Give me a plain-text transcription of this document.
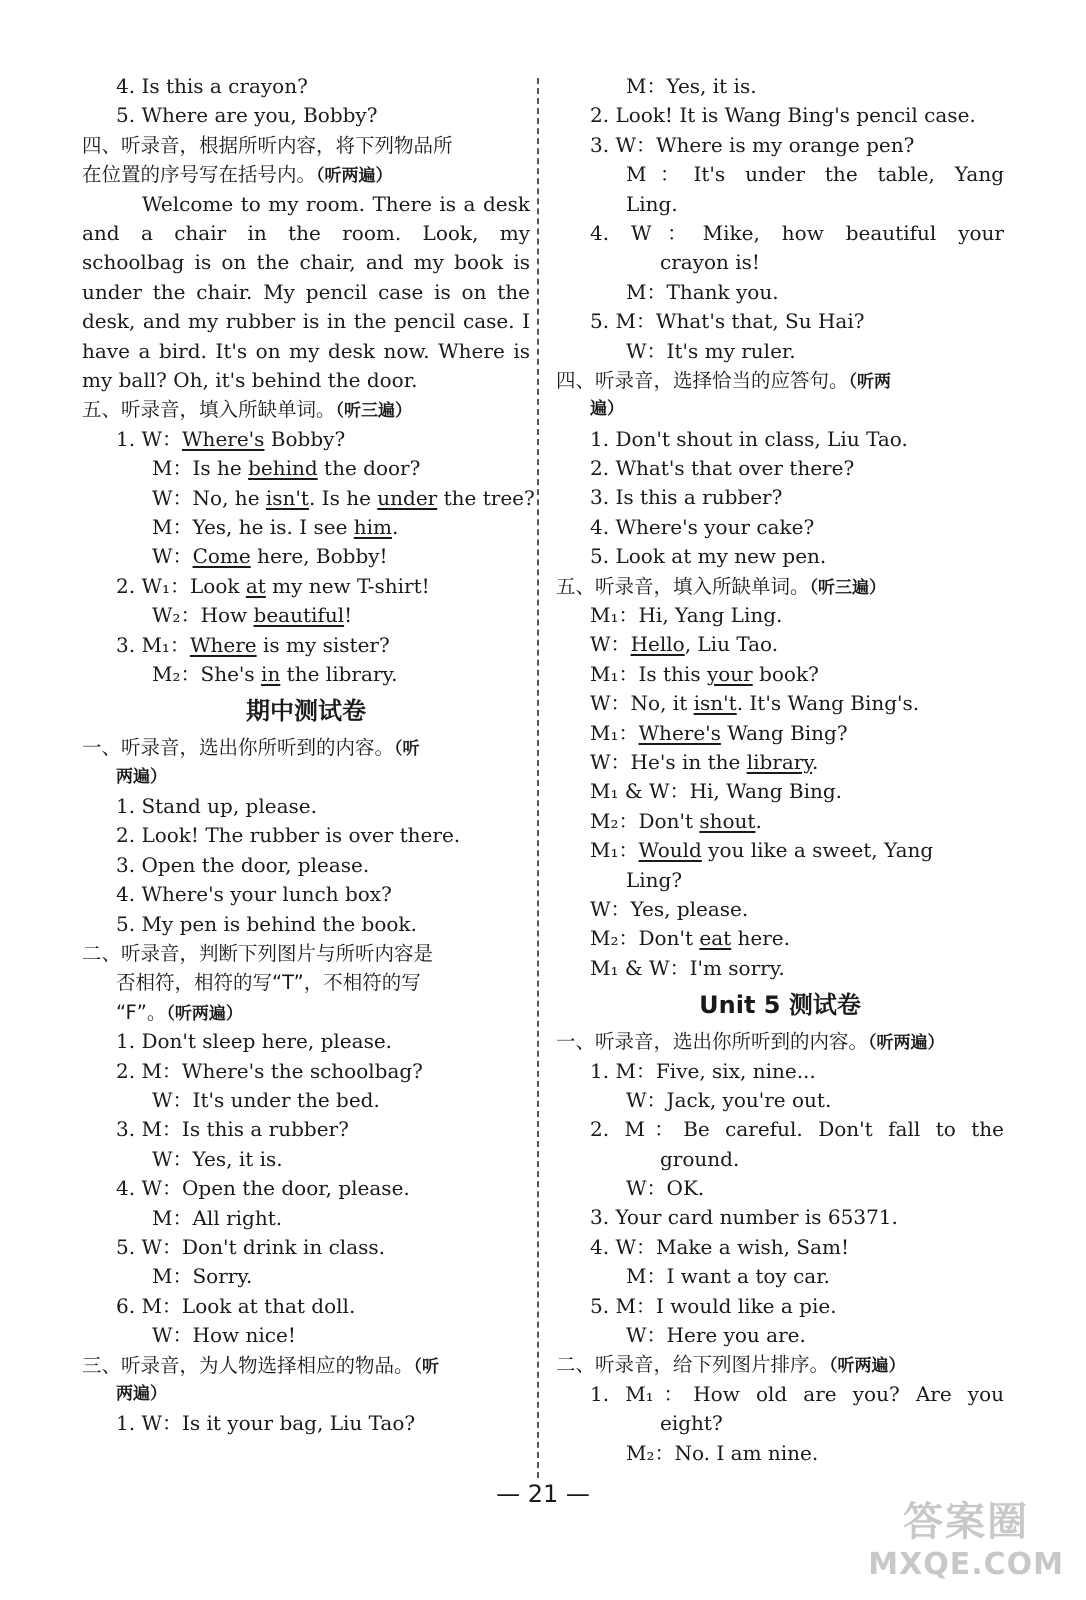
4. Is this a crayon?
5. Where are you, Bobby?
四、听录音，根据所听内容，将下列物品所
在位置的序号写在括号内。（听两遍）
Welcome to my room. There is a desk and a chair in the room. Look, my schoolbag is on the chair, and my book is under the chair. My pencil case is on the desk, and my rubber is in the pencil case. I have a bird. It's on my desk now. Where is my ball? Oh, it's behind the door.
五、听录音，填入所缺单词。（听三遍）
1. W：Where's Bobby?
M：Is he behind the door?
W：No, he isn't. Is he under the tree?
M：Yes, he is. I see him.
W：Come here, Bobby!
2. W₁：Look at my new T-shirt!
W₂：How beautiful!
3. M₁：Where is my sister?
M₂：She's in the library.
期中测试卷
一、听录音，选出你所听到的内容。（听
两遍）
1. Stand up, please.
2. Look! The rubber is over there.
3. Open the door, please.
4. Where's your lunch box?
5. My pen is behind the book.
二、听录音，判断下列图片与所听内容是
否相符，相符的写“T”，不相符的写
“F”。（听两遍）
1. Don't sleep here, please.
2. M：Where's the schoolbag?
W：It's under the bed.
3. M：Is this a rubber?
W：Yes, it is.
4. W：Open the door, please.
M：All right.
5. W：Don't drink in class.
M：Sorry.
6. M：Look at that doll.
W：How nice!
三、听录音，为人物选择相应的物品。（听
两遍）
1. W：Is it your bag, Liu Tao?
M：Yes, it is.
2. Look! It is Wang Bing's pencil case.
3. W：Where is my orange pen?
M：It's under the table, Yang
Ling.
4. W：Mike, how beautiful your
crayon is!
M：Thank you.
5. M：What's that, Su Hai?
W：It's my ruler.
四、听录音，选择恰当的应答句。（听两
遍）
1. Don't shout in class, Liu Tao.
2. What's that over there?
3. Is this a rubber?
4. Where's your cake?
5. Look at my new pen.
五、听录音，填入所缺单词。（听三遍）
M₁：Hi, Yang Ling.
W：Hello, Liu Tao.
M₁：Is this your book?
W：No, it isn't. It's Wang Bing's.
M₁：Where's Wang Bing?
W：He's in the library.
M₁ & W：Hi, Wang Bing.
M₂：Don't shout.
M₁：Would you like a sweet, Yang
Ling?
W：Yes, please.
M₂：Don't eat here.
M₁ & W：I'm sorry.
Unit 5 测试卷
一、听录音，选出你所听到的内容。（听两遍）
1. M：Five, six, nine...
W：Jack, you're out.
2. M：Be careful. Don't fall to the
ground.
W：OK.
3. Your card number is 65371.
4. W：Make a wish, Sam!
M：I want a toy car.
5. M：I would like a pie.
W：Here you are.
二、听录音，给下列图片排序。（听两遍）
1. M₁：How old are you? Are you
eight?
M₂：No. I am nine.
— 21 —
答案圈
MXQE.COM
